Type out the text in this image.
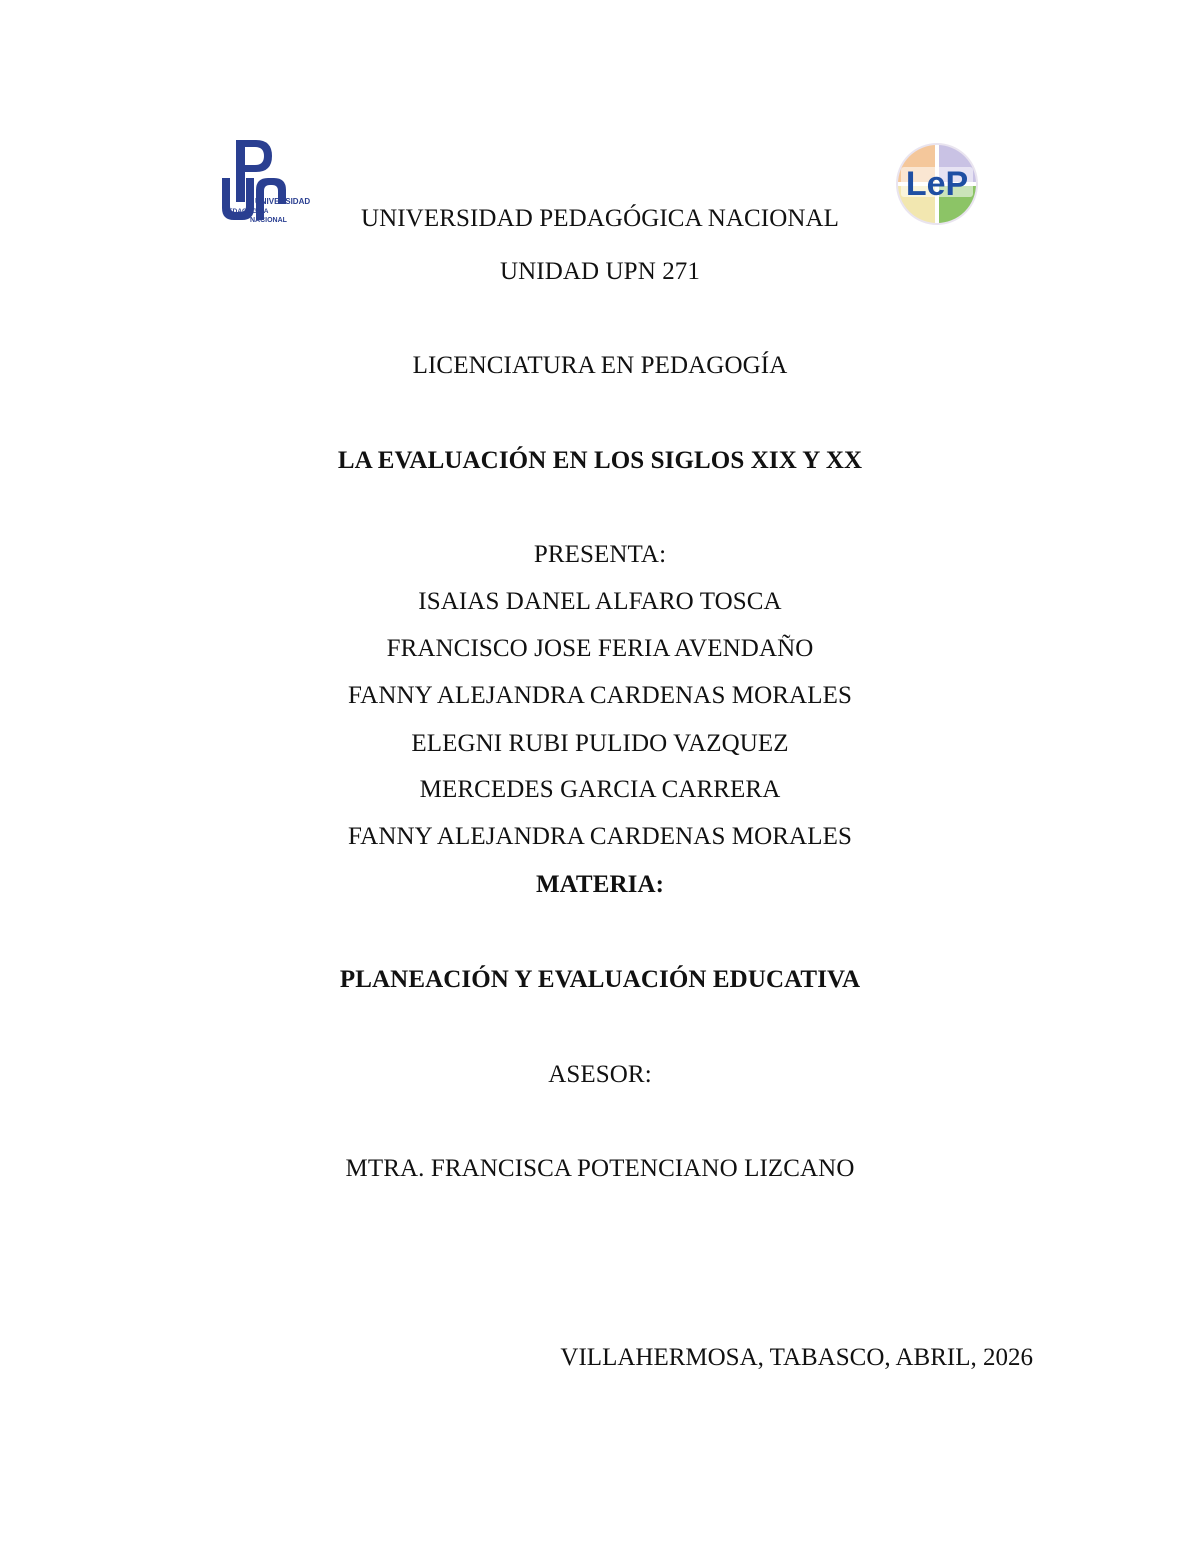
UNIVERSIDAD
PEDAGÓGICA
NACIONAL
LeP
UNIVERSIDAD PEDAGÓGICA NACIONAL
UNIDAD UPN 271
LICENCIATURA EN PEDAGOGÍA
LA EVALUACIÓN EN LOS SIGLOS XIX Y XX
PRESENTA:
ISAIAS DANEL ALFARO TOSCA
FRANCISCO JOSE FERIA AVENDAÑO
FANNY ALEJANDRA CARDENAS MORALES
ELEGNI RUBI PULIDO VAZQUEZ
MERCEDES GARCIA CARRERA
FANNY ALEJANDRA CARDENAS MORALES
MATERIA:
PLANEACIÓN Y EVALUACIÓN EDUCATIVA
ASESOR:
MTRA. FRANCISCA POTENCIANO LIZCANO
VILLAHERMOSA, TABASCO, ABRIL, 2026
